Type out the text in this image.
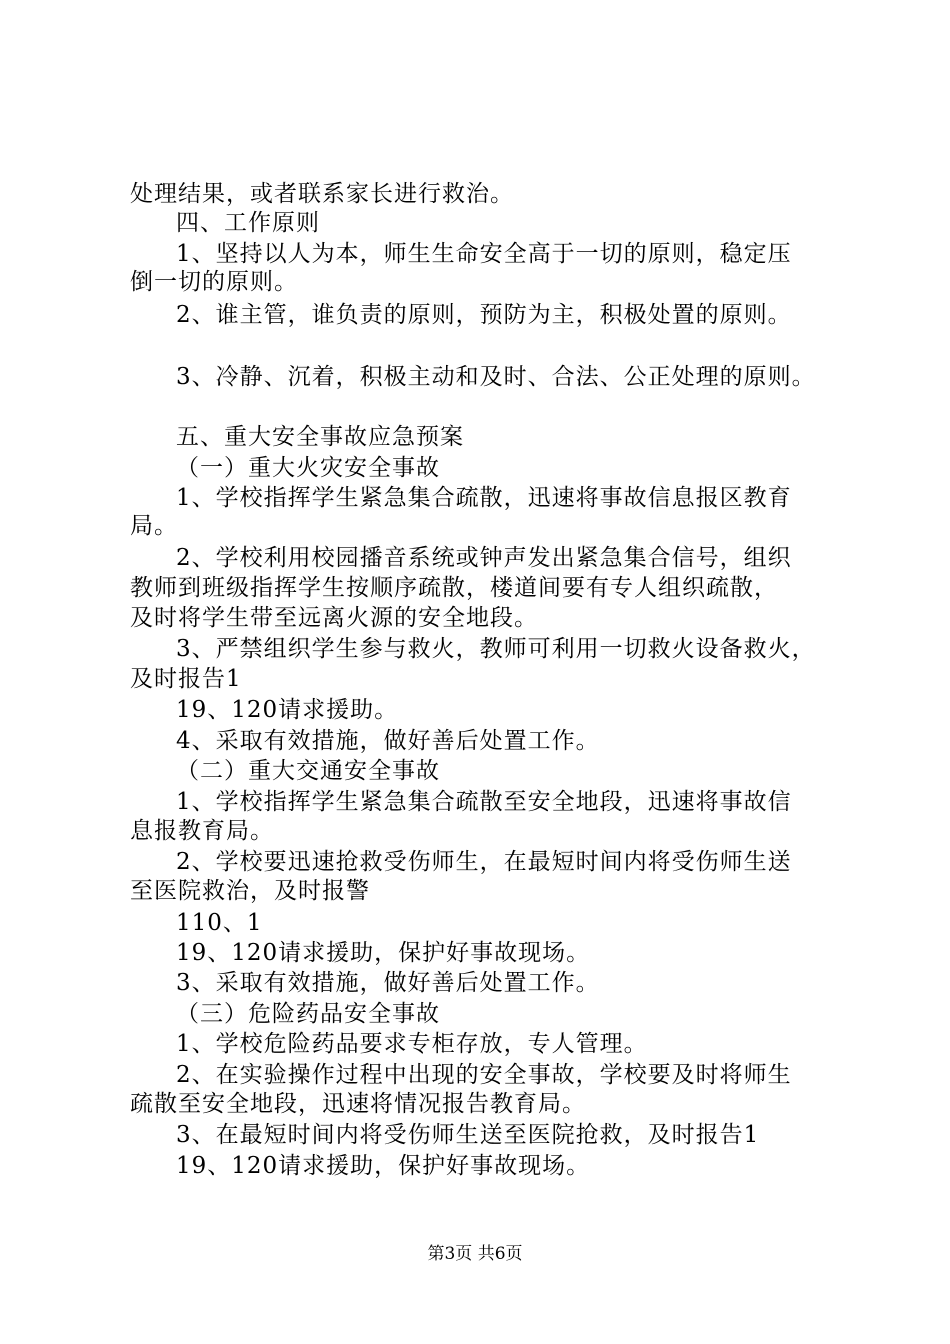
处理结果，或者联系家长进行救治。
四、工作原则
1、坚持以人为本，师生生命安全高于一切的原则，稳定压
倒一切的原则。
2、谁主管，谁负责的原则，预防为主，积极处置的原则。
3、冷静、沉着，积极主动和及时、合法、公正处理的原则。
五、重大安全事故应急预案
（一）重大火灾安全事故
1、学校指挥学生紧急集合疏散，迅速将事故信息报区教育
局。
2、学校利用校园播音系统或钟声发出紧急集合信号，组织
教师到班级指挥学生按顺序疏散，楼道间要有专人组织疏散，
及时将学生带至远离火源的安全地段。
3、严禁组织学生参与救火，教师可利用一切救火设备救火，
及时报告1
19、120请求援助。
4、采取有效措施，做好善后处置工作。
（二）重大交通安全事故
1、学校指挥学生紧急集合疏散至安全地段，迅速将事故信
息报教育局。
2、学校要迅速抢救受伤师生，在最短时间内将受伤师生送
至医院救治，及时报警
110、1
19、120请求援助，保护好事故现场。
3、采取有效措施，做好善后处置工作。
（三）危险药品安全事故
1、学校危险药品要求专柜存放，专人管理。
2、在实验操作过程中出现的安全事故，学校要及时将师生
疏散至安全地段，迅速将情况报告教育局。
3、在最短时间内将受伤师生送至医院抢救，及时报告1
19、120请求援助，保护好事故现场。
第3页 共6页
